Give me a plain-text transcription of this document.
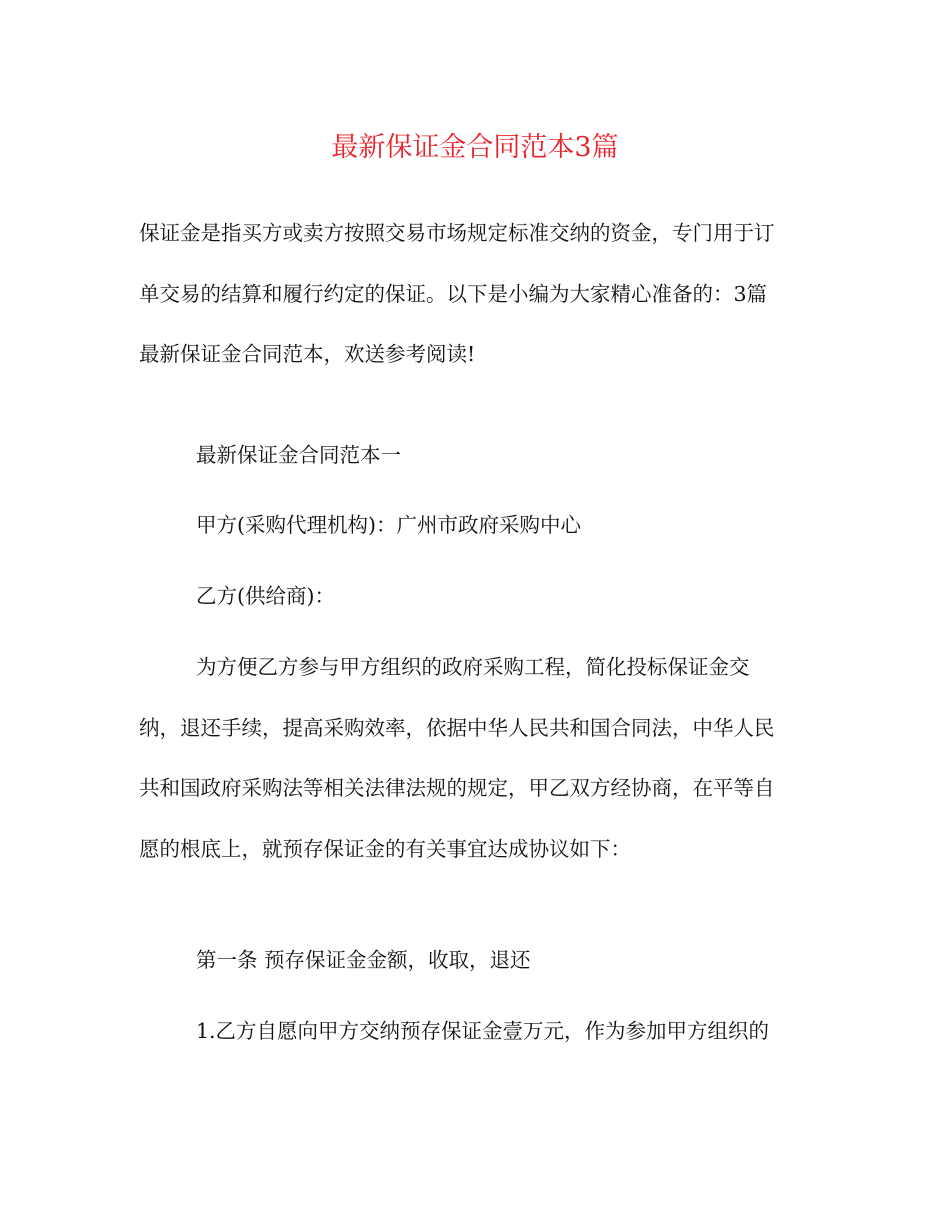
最新保证金合同范本3篇

保证金是指买方或卖方按照交易市场规定标准交纳的资金，专门用于订

单交易的结算和履行约定的保证。以下是小编为大家精心准备的：3篇

最新保证金合同范本，欢送参考阅读!

最新保证金合同范本一

甲方(采购代理机构)：广州市政府采购中心

乙方(供给商)：

为方便乙方参与甲方组织的政府采购工程，简化投标保证金交

纳，退还手续，提高采购效率，依据中华人民共和国合同法，中华人民

共和国政府采购法等相关法律法规的规定，甲乙双方经协商，在平等自

愿的根底上，就预存保证金的有关事宜达成协议如下：

第一条 预存保证金金额，收取，退还

1.乙方自愿向甲方交纳预存保证金壹万元，作为参加甲方组织的
